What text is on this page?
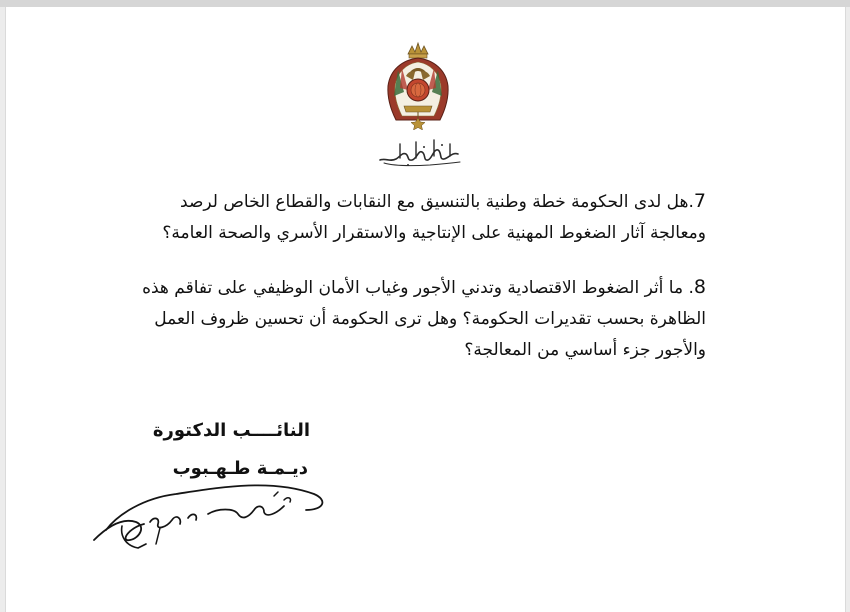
7.هل لدى الحكومة خطة وطنية بالتنسيق مع النقابات والقطاع الخاص لرصد
ومعالجة آثار الضغوط المهنية على الإنتاجية والاستقرار الأسري والصحة العامة؟

8. ما أثر الضغوط الاقتصادية وتدني الأجور وغياب الأمان الوظيفي على تفاقم هذه
الظاهرة بحسب تقديرات الحكومة؟ وهل ترى الحكومة أن تحسين ظروف العمل
والأجور جزء أساسي من المعالجة؟

النائــــب الدكتورة
ديـمـة طـهـبوب
